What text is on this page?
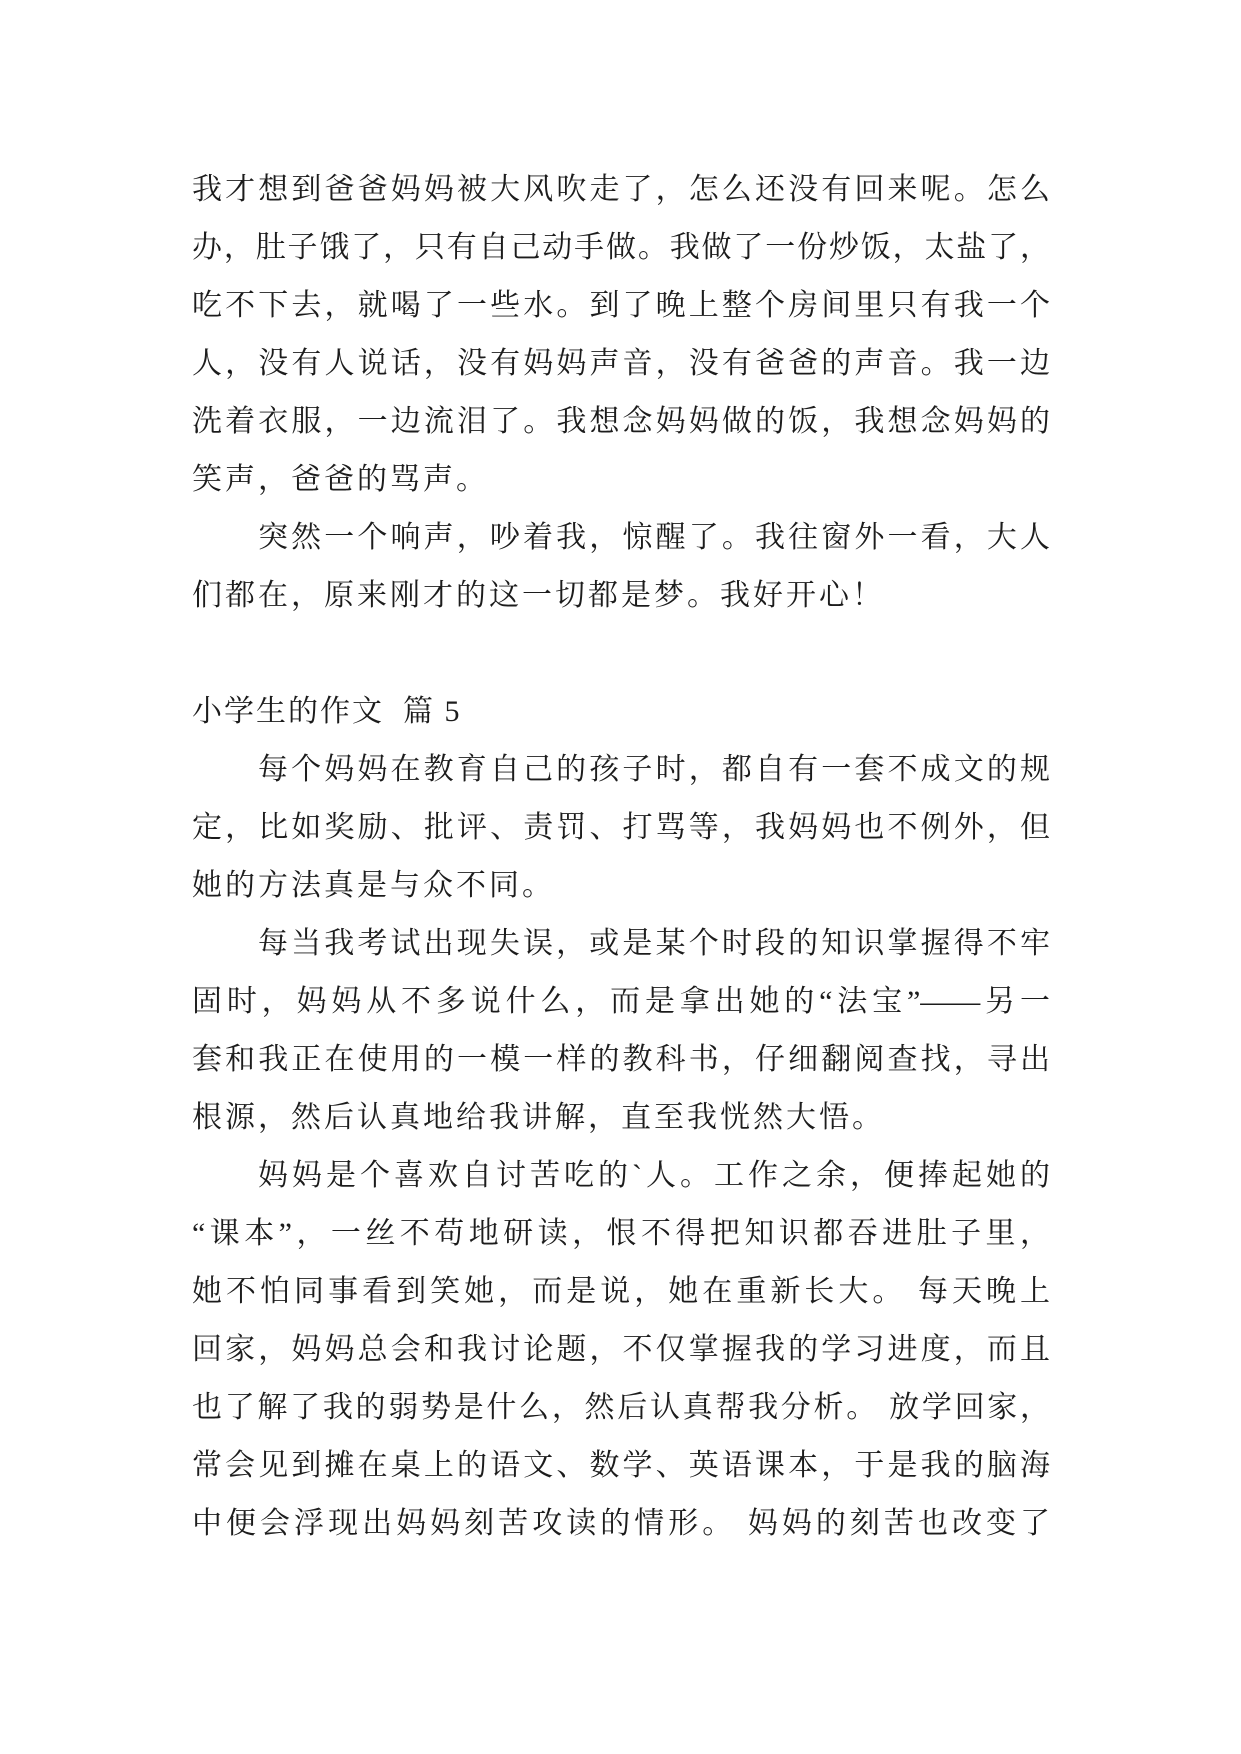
我才想到爸爸妈妈被大风吹走了，怎么还没有回来呢。怎么
办，肚子饿了，只有自己动手做。我做了一份炒饭，太盐了，
吃不下去，就喝了一些水。到了晚上整个房间里只有我一个
人，没有人说话，没有妈妈声音，没有爸爸的声音。我一边
洗着衣服，一边流泪了。我想念妈妈做的饭，我想念妈妈的
笑声，爸爸的骂声。
突然一个响声，吵着我，惊醒了。我往窗外一看，大人
们都在，原来刚才的这一切都是梦。我好开心！
小学生的作文  篇 5
每个妈妈在教育自己的孩子时，都自有一套不成文的规
定，比如奖励、批评、责罚、打骂等，我妈妈也不例外，但
她的方法真是与众不同。
每当我考试出现失误，或是某个时段的知识掌握得不牢
固时，妈妈从不多说什么，而是拿出她的“法宝”——另一
套和我正在使用的一模一样的教科书，仔细翻阅查找，寻出
根源，然后认真地给我讲解，直至我恍然大悟。
妈妈是个喜欢自讨苦吃的`人。工作之余，便捧起她的
“课本”，一丝不苟地研读，恨不得把知识都吞进肚子里，
她不怕同事看到笑她，而是说，她在重新长大。 每天晚上
回家，妈妈总会和我讨论题，不仅掌握我的学习进度，而且
也了解了我的弱势是什么，然后认真帮我分析。 放学回家，
常会见到摊在桌上的语文、数学、英语课本，于是我的脑海
中便会浮现出妈妈刻苦攻读的情形。 妈妈的刻苦也改变了
